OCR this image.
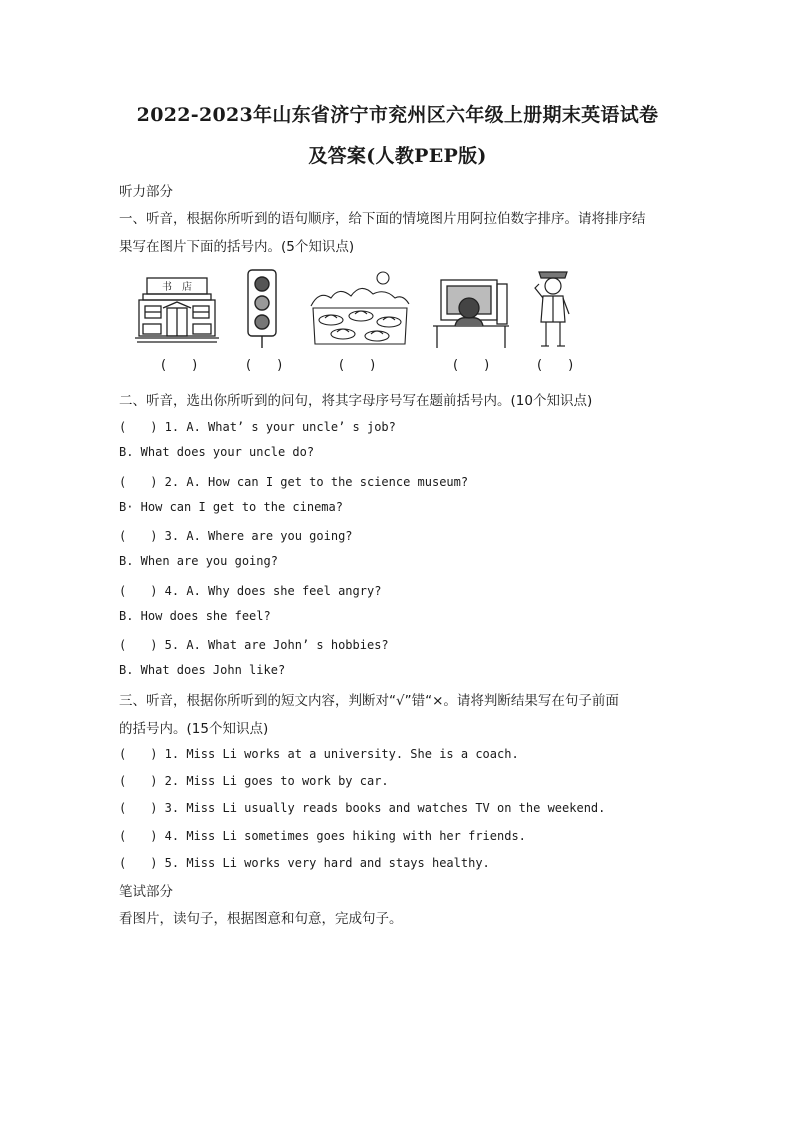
2022-2023年山东省济宁市兖州区六年级上册期末英语试卷
及答案(人教PEP版)
听力部分
一、听音，根据你所听到的语句顺序，给下面的情境图片用阿拉伯数字排序。请将排序结
果写在图片下面的括号内。(5个知识点)
书　店
(　　)	(　　)	(　　)	(　　)	(　　)
二、听音，选出你所听到的问句，将其字母序号写在题前括号内。(10个知识点)
(　　) 1. A. What’ s your uncle’ s job?
B. What does your uncle do?
(　　) 2. A. How can I get to the science museum?
B· How can I get to the cinema?
(　　) 3. A. Where are you going?
B. When are you going?
(　　) 4. A. Why does she feel angry?
B. How does she feel?
(　　) 5. A. What are John’ s hobbies?
B. What does John like?
三、听音，根据你所听到的短文内容，判断对“√”错“×。请将判断结果写在句子前面
的括号内。(15个知识点)
(　　) 1. Miss Li works at a university. She is a coach.
(　　) 2. Miss Li goes to work by car.
(　　) 3. Miss Li usually reads books and watches TV on the weekend.
(　　) 4. Miss Li sometimes goes hiking with her friends.
(　　) 5. Miss Li works very hard and stays healthy.
笔试部分
看图片，读句子，根据图意和句意，完成句子。
